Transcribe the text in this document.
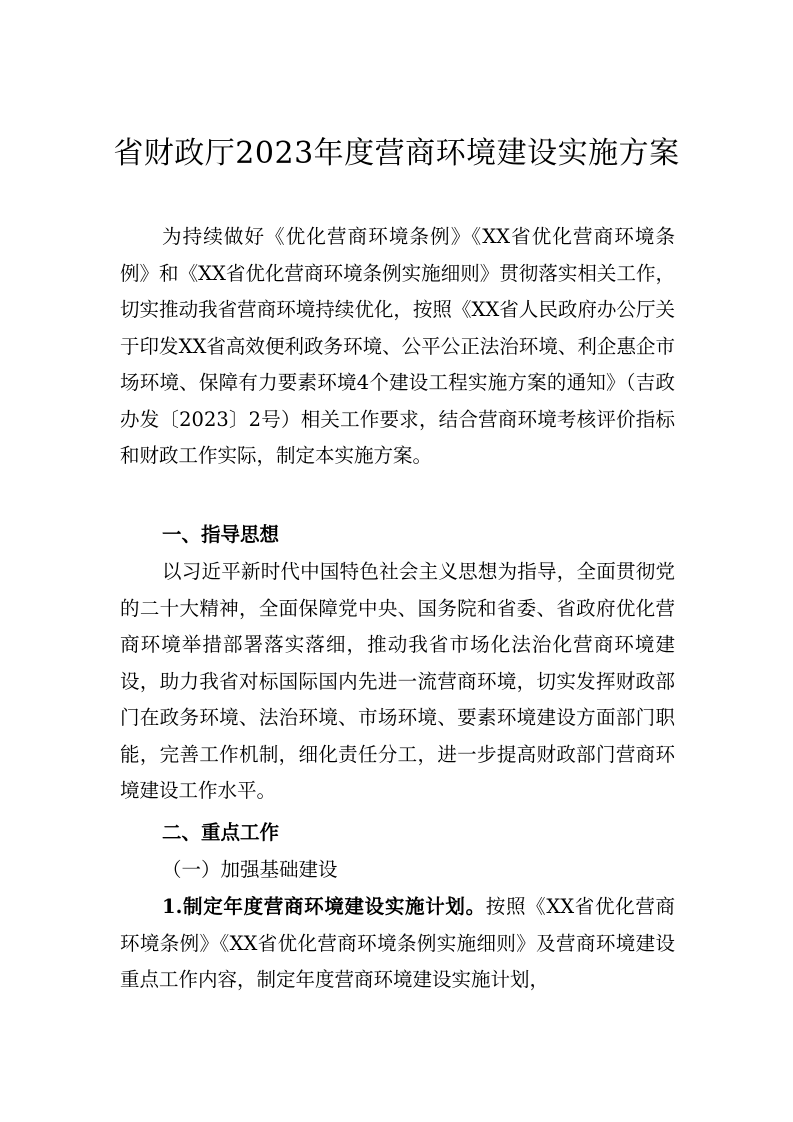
省财政厅2023年度营商环境建设实施方案

为持续做好《优化营商环境条例》《XX省优化营商环境条例》和《XX省优化营商环境条例实施细则》贯彻落实相关工作，切实推动我省营商环境持续优化，按照《XX省人民政府办公厅关于印发XX省高效便利政务环境、公平公正法治环境、利企惠企市场环境、保障有力要素环境4个建设工程实施方案的通知》（吉政办发〔2023〕2号）相关工作要求，结合营商环境考核评价指标和财政工作实际，制定本实施方案。

一、指导思想

以习近平新时代中国特色社会主义思想为指导，全面贯彻党的二十大精神，全面保障党中央、国务院和省委、省政府优化营商环境举措部署落实落细，推动我省市场化法治化营商环境建设，助力我省对标国际国内先进一流营商环境，切实发挥财政部门在政务环境、法治环境、市场环境、要素环境建设方面部门职能，完善工作机制，细化责任分工，进一步提高财政部门营商环境建设工作水平。

二、重点工作

（一）加强基础建设

1.制定年度营商环境建设实施计划。按照《XX省优化营商环境条例》《XX省优化营商环境条例实施细则》及营商环境建设重点工作内容，制定年度营商环境建设实施计划，
